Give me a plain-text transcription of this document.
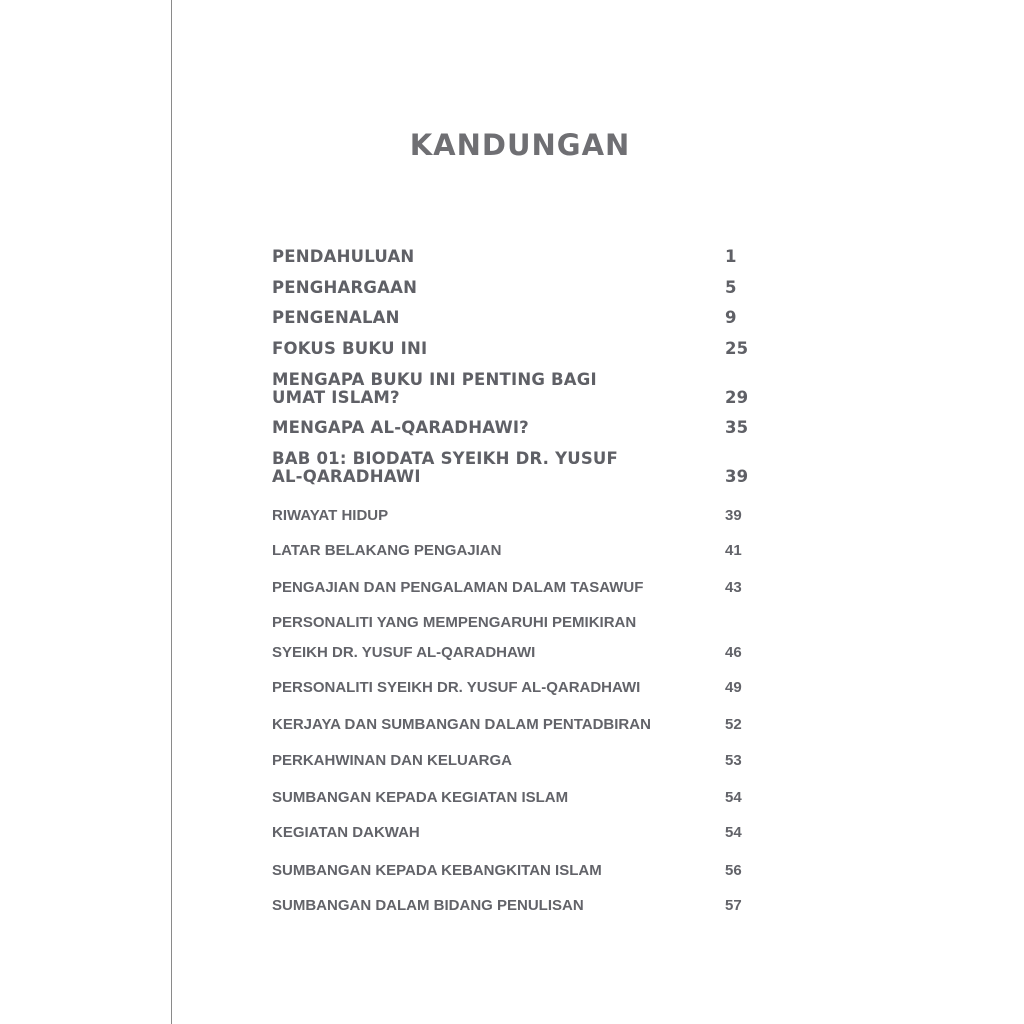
KANDUNGAN
PENDAHULUAN	1
PENGHARGAAN	5
PENGENALAN	9
FOKUS BUKU INI	25
MENGAPA BUKU INI PENTING BAGI
UMAT ISLAM?	29
MENGAPA AL-QARADHAWI?	35
BAB 01: BIODATA SYEIKH DR. YUSUF
AL-QARADHAWI	39
RIWAYAT HIDUP	39
LATAR BELAKANG PENGAJIAN	41
PENGAJIAN DAN PENGALAMAN DALAM TASAWUF	43
PERSONALITI YANG MEMPENGARUHI PEMIKIRAN
SYEIKH DR. YUSUF AL-QARADHAWI	46
PERSONALITI SYEIKH DR. YUSUF AL-QARADHAWI	49
KERJAYA DAN SUMBANGAN DALAM PENTADBIRAN	52
PERKAHWINAN DAN KELUARGA	53
SUMBANGAN KEPADA KEGIATAN ISLAM	54
KEGIATAN DAKWAH	54
SUMBANGAN KEPADA KEBANGKITAN ISLAM	56
SUMBANGAN DALAM BIDANG PENULISAN	57
